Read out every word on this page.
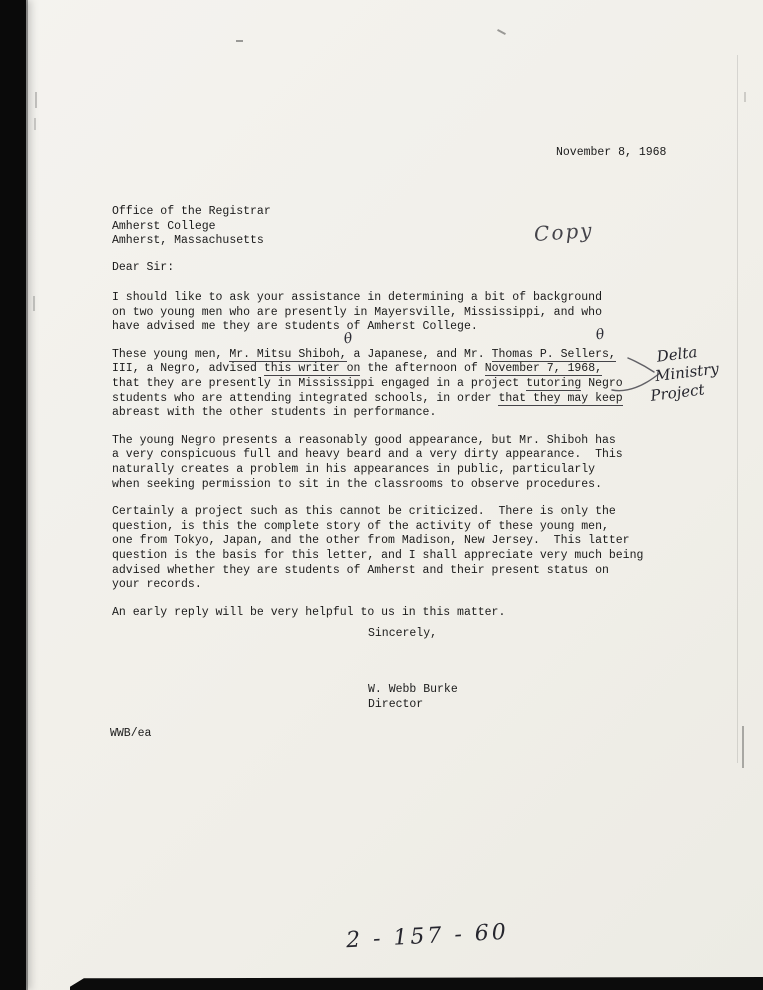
November 8, 1968
Office of the Registrar
Amherst College
Amherst, Massachusetts
Dear Sir:
I should like to ask your assistance in determining a bit of background
on two young men who are presently in Mayersville, Mississippi, and who
have advised me they are students of Amherst College.
These young men, Mr. Mitsu Shiboh, a Japanese, and Mr. Thomas P. Sellers,
III, a Negro, advised this writer on the afternoon of November 7, 1968,
that they are presently in Mississippi engaged in a project tutoring Negro
students who are attending integrated schools, in order that they may keep
abreast with the other students in performance.
The young Negro presents a reasonably good appearance, but Mr. Shiboh has
a very conspicuous full and heavy beard and a very dirty appearance.  This
naturally creates a problem in his appearances in public, particularly
when seeking permission to sit in the classrooms to observe procedures.
Certainly a project such as this cannot be criticized.  There is only the
question, is this the complete story of the activity of these young men,
one from Tokyo, Japan, and the other from Madison, New Jersey.  This latter
question is the basis for this letter, and I shall appreciate very much being
advised whether they are students of Amherst and their present status on
your records.
An early reply will be very helpful to us in this matter.
Sincerely,
W. Webb Burke
Director
WWB/ea
Copy
Delta
Ministry
Project
θ	θ
2 - 157 - 60
